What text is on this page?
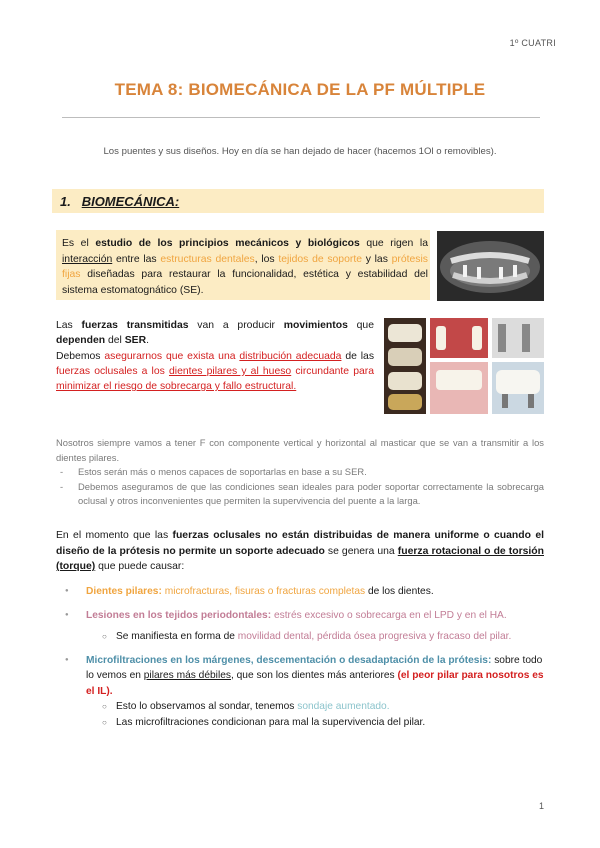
1º CUATRI
TEMA 8: BIOMECÁNICA DE LA PF MÚLTIPLE
Los puentes y sus diseños. Hoy en día se han dejado de hacer (hacemos 1Ol o removibles).
1. BIOMECÁNICA:
Es el estudio de los principios mecánicos y biológicos que rigen la interacción entre las estructuras dentales, los tejidos de soporte y las prótesis fijas diseñadas para restaurar la funcionalidad, estética y estabilidad del sistema estomatognático (SE).
Las fuerzas transmitidas van a producir movimientos que dependen del SER.
Debemos asegurarnos que exista una distribución adecuada de las fuerzas oclusales a los dientes pilares y al hueso circundante para minimizar el riesgo de sobrecarga y fallo estructural.
Nosotros siempre vamos a tener F con componente vertical y horizontal al masticar que se van a transmitir a los dientes pilares.
- Estos serán más o menos capaces de soportarlas en base a su SER.
- Debemos aseguramos de que las condiciones sean ideales para poder soportar correctamente la sobrecarga oclusal y otros inconvenientes que permiten la supervivencia del puente a la larga.
En el momento que las fuerzas oclusales no están distribuidas de manera uniforme o cuando el diseño de la prótesis no permite un soporte adecuado se genera una fuerza rotacional o de torsión (torque) que puede causar:
● Dientes pilares: microfracturas, fisuras o fracturas completas de los dientes.
● Lesiones en los tejidos periodontales: estrés excesivo o sobrecarga en el LPD y en el HA.
○ Se manifiesta en forma de movilidad dental, pérdida ósea progresiva y fracaso del pilar.
● Microfiltraciones en los márgenes, descementación o desadaptación de la prótesis: sobre todo lo vemos en pilares más débiles, que son los dientes más anteriores (el peor pilar para nosotros es el IL).
○ Esto lo observamos al sondar, tenemos sondaje aumentado.
○ Las microfiltraciones condicionan para mal la supervivencia del pilar.
1
